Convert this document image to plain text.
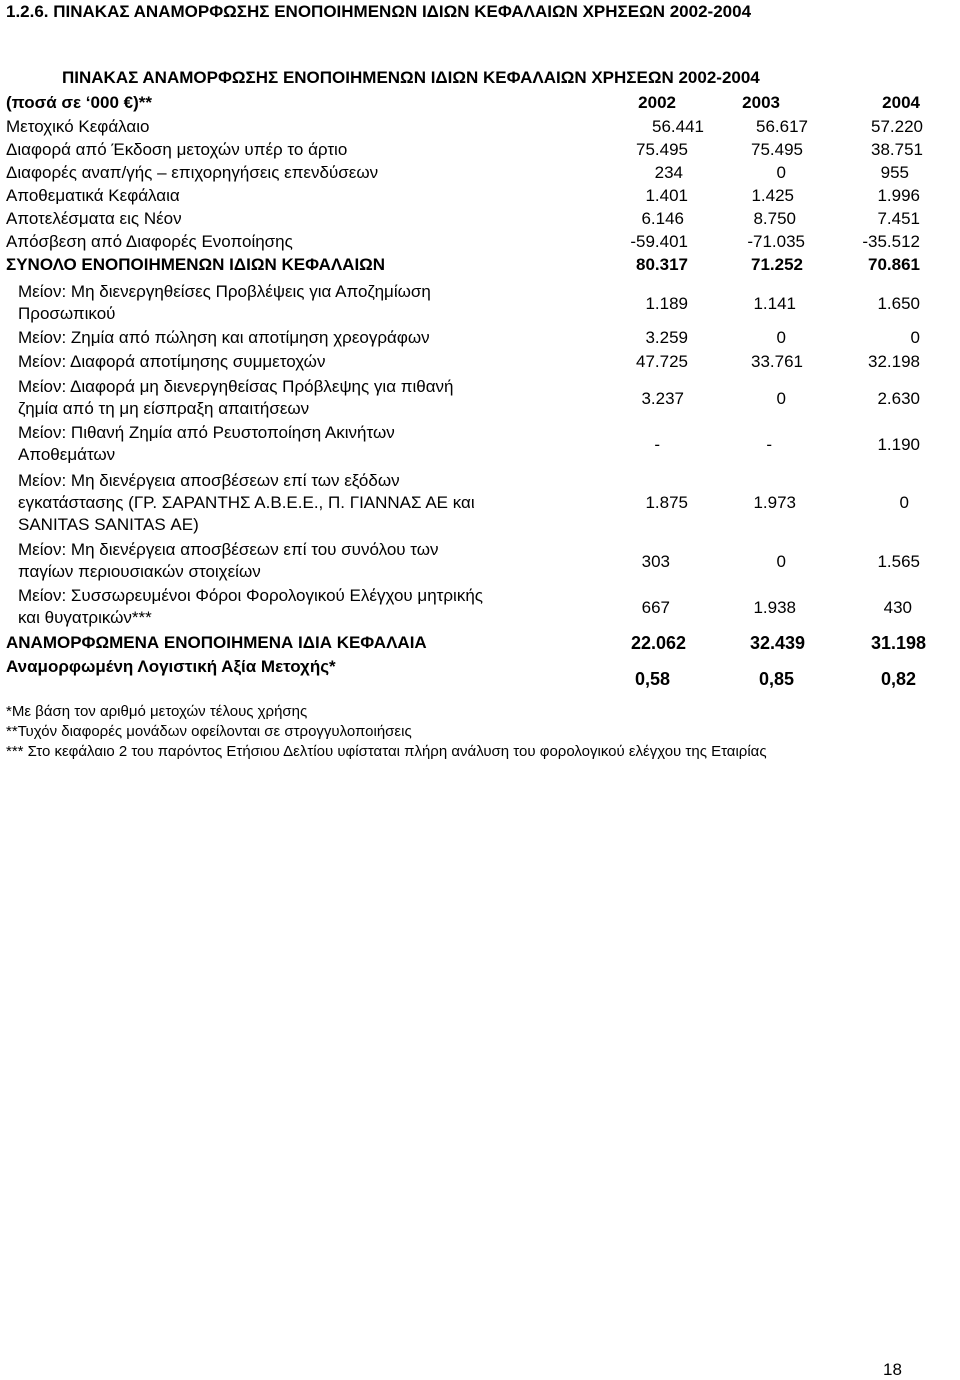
1.2.6. ΠΙΝΑΚΑΣ ΑΝΑΜΟΡΦΩΣΗΣ ΕΝΟΠΟΙΗΜΕΝΩΝ ΙΔΙΩΝ ΚΕΦΑΛΑΙΩΝ ΧΡΗΣΕΩΝ 2002-2004
ΠΙΝΑΚΑΣ ΑΝΑΜΟΡΦΩΣΗΣ ΕΝΟΠΟΙΗΜΕΝΩΝ ΙΔΙΩΝ ΚΕΦΑΛΑΙΩΝ ΧΡΗΣΕΩΝ 2002-2004
(ποσά σε ‘000 €)**	2002	2003	2004
Μετοχικό Κεφάλαιο	56.441	56.617	57.220
Διαφορά από Έκδοση μετοχών υπέρ το άρτιο	75.495	75.495	38.751
Διαφορές αναπ/γής – επιχορηγήσεις επενδύσεων	234	0	955
Αποθεματικά Κεφάλαια	1.401	1.425	1.996
Αποτελέσματα εις Νέον	6.146	8.750	7.451
Απόσβεση από Διαφορές Ενοποίησης	-59.401	-71.035	-35.512
ΣΥΝΟΛΟ ΕΝΟΠΟΙΗΜΕΝΩΝ ΙΔΙΩΝ ΚΕΦΑΛΑΙΩΝ	80.317	71.252	70.861
Μείον: Μη διενεργηθείσες Προβλέψεις για Αποζημίωση
Προσωπικού
1.189	1.141	1.650
Μείον: Ζημία από πώληση και αποτίμηση χρεογράφων	3.259	0	0
Μείον: Διαφορά αποτίμησης συμμετοχών	47.725	33.761	32.198
Μείον: Διαφορά μη διενεργηθείσας Πρόβλεψης για πιθανή
ζημία από τη μη είσπραξη απαιτήσεων
3.237	0	2.630
Μείον: Πιθανή Ζημία από Ρευστοποίηση Ακινήτων
Αποθεμάτων
-	-	1.190
Μείον: Μη διενέργεια αποσβέσεων επί των εξόδων
εγκατάστασης (ΓΡ. ΣΑΡΑΝΤΗΣ Α.Β.Ε.Ε., Π. ΓΙΑΝΝΑΣ ΑΕ και
SANITAS SANITAS ΑΕ)
1.875	1.973	0
Μείον: Μη διενέργεια αποσβέσεων επί του συνόλου των
παγίων περιουσιακών στοιχείων
303	0	1.565
Μείον: Συσσωρευμένοι Φόροι Φορολογικού Ελέγχου μητρικής
και θυγατρικών***
667	1.938	430
ΑΝΑΜΟΡΦΩΜΕΝΑ ΕΝΟΠΟΙΗΜΕΝΑ ΙΔΙΑ ΚΕΦΑΛΑΙΑ	22.062	32.439	31.198
Αναμορφωμένη Λογιστική Αξία Μετοχής*
0,58	0,85	0,82
*Με βάση τον αριθμό μετοχών τέλους χρήσης
**Τυχόν διαφορές μονάδων οφείλονται σε στρογγυλοποιήσεις
*** Στο κεφάλαιο 2 του παρόντος Ετήσιου Δελτίου υφίσταται πλήρη ανάλυση του φορολογικού ελέγχου της Εταιρίας
18
